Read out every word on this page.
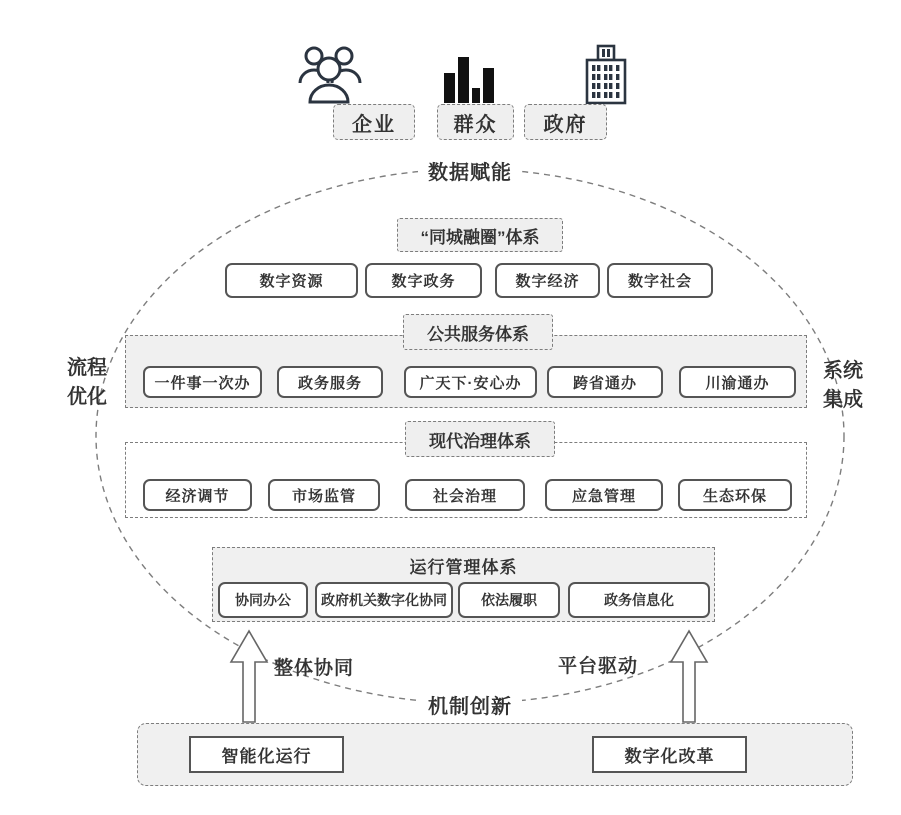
企业	群众	政府
数据赋能
机制创新
流程优化
系统集成
“同城融圈”体系
数字资源	数字政务	数字经济	数字社会
公共服务体系
一件事一次办	政务服务	广天下·安心办	跨省通办	川渝通办
现代治理体系
经济调节	市场监管	社会治理	应急管理	生态环保
运行管理体系
协同办公	政府机关数字化协同	依法履职	政务信息化
整体协同	平台驱动
智能化运行	数字化改革
